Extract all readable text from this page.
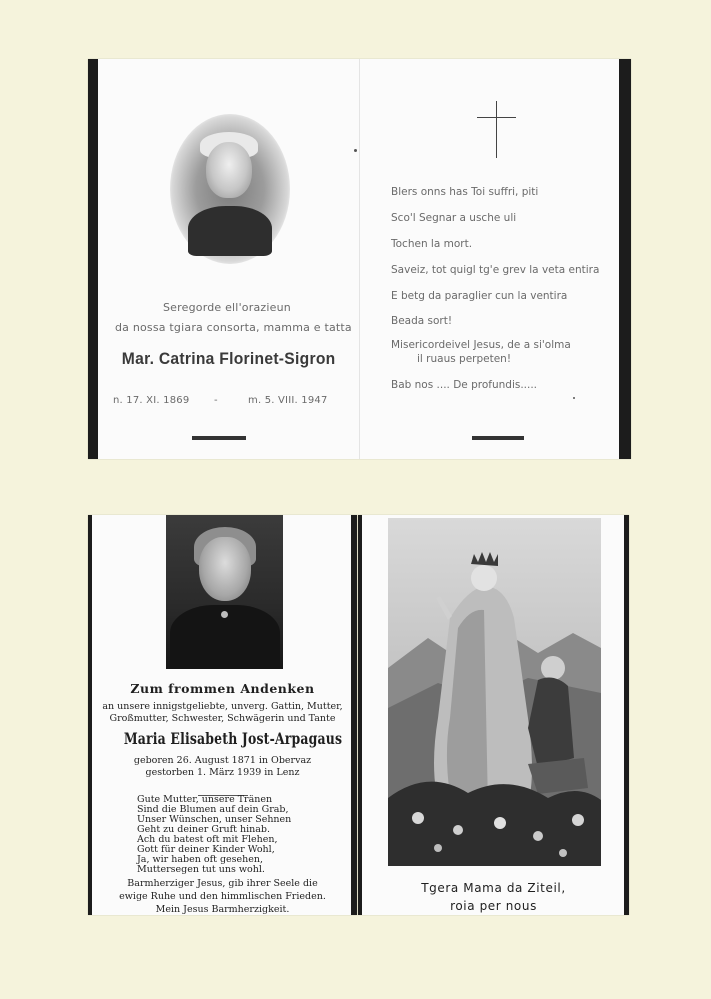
Seregorde ell'orazieun
da nossa tgiara consorta, mamma e tatta
Mar. Catrina Florinet-Sigron
n. 17. XI. 1869 -	m. 5. VIII. 1947
Blers onns has Toi suffri, piti
Sco'l Segnar a usche uli
Tochen la mort.
Saveiz, tot quigl tg'e grev la veta entira
E betg da paraglier cun la ventira
Beada sort!
Misericordeivel Jesus, de a si'olma
il ruaus perpeten!
Bab nos .... De profundis.....
Zum frommen Andenken
an unsere innigstgeliebte, unverg. Gattin, Mutter,
Großmutter, Schwester, Schwägerin und Tante
Maria Elisabeth Jost-Arpagaus
geboren 26. August 1871 in Obervaz
gestorben 1. März 1939 in Lenz
Gute Mutter, unsere Tränen
Sind die Blumen auf dein Grab,
Unser Wünschen, unser Sehnen
Geht zu deiner Gruft hinab.
Ach du batest oft mit Flehen,
Gott für deiner Kinder Wohl,
Ja, wir haben oft gesehen,
Muttersegen tut uns wohl.
Barmherziger Jesus, gib ihrer Seele die
ewige Ruhe und den himmlischen Frieden.
Mein Jesus Barmherzigkeit.
Tgera Mama da Ziteil,
roia per nous
